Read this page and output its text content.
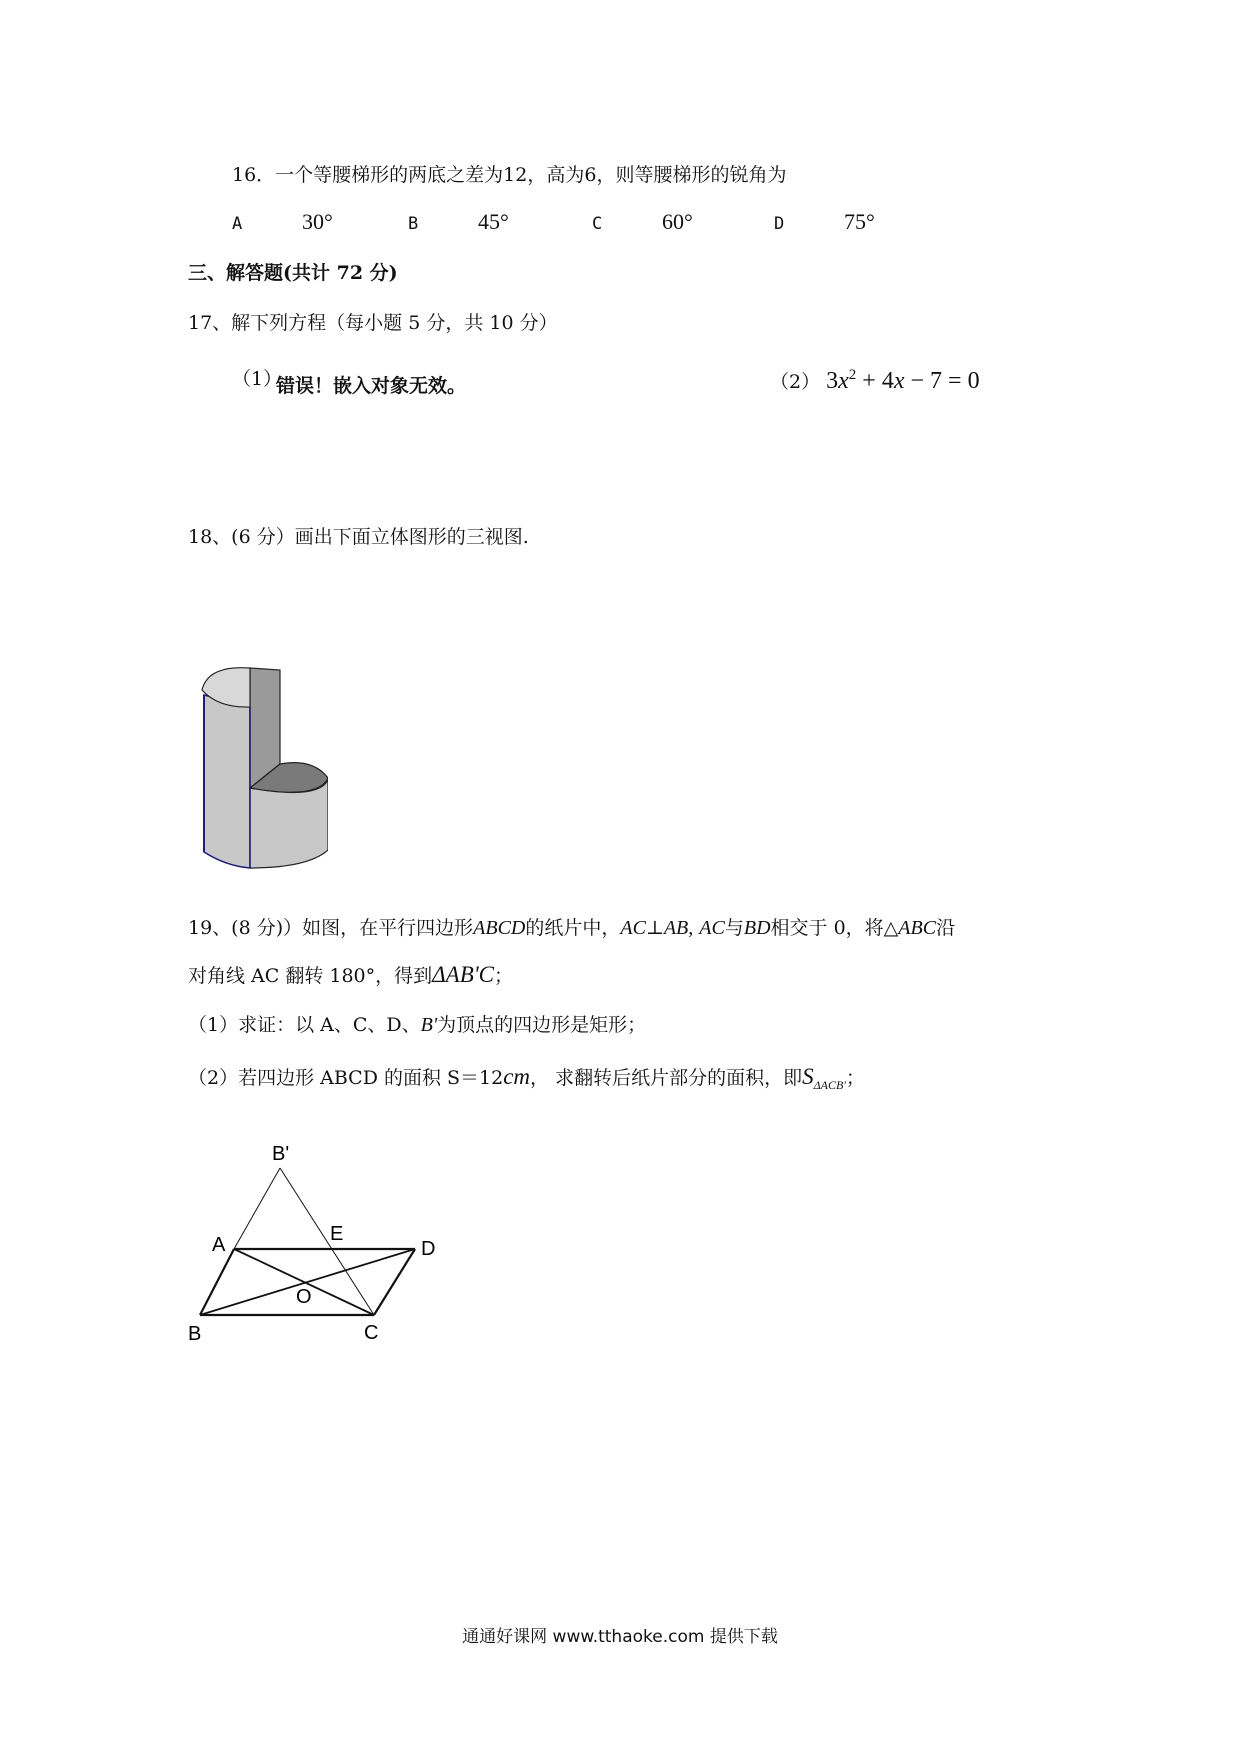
16．一个等腰梯形的两底之差为12，高为6，则等腰梯形的锐角为
A	30°	B	45°	C	60°	D	75°
三、解答题(共计 72 分)
17、解下列方程（每小题 5 分，共 10 分）
（1）
错误！嵌入对象无效。	（2） $3x^2 + 4x - 7 = 0$
18、(6 分）画出下面立体图形的三视图.
19、(8 分)）如图，在平行四边形ABCD的纸片中，AC⊥AB, AC与BD相交于 0，将△ABC沿
对角线 AC 翻转 180°，得到ΔAB'C；
（1）求证：以 A、C、D、B'为顶点的四边形是矩形；
（2）若四边形 ABCD 的面积 S＝12cm， 求翻转后纸片部分的面积，即$S_{\Delta ACB'}$；
B'
A	E
D
O
B	C
通通好课网 www.tthaoke.com 提供下载
